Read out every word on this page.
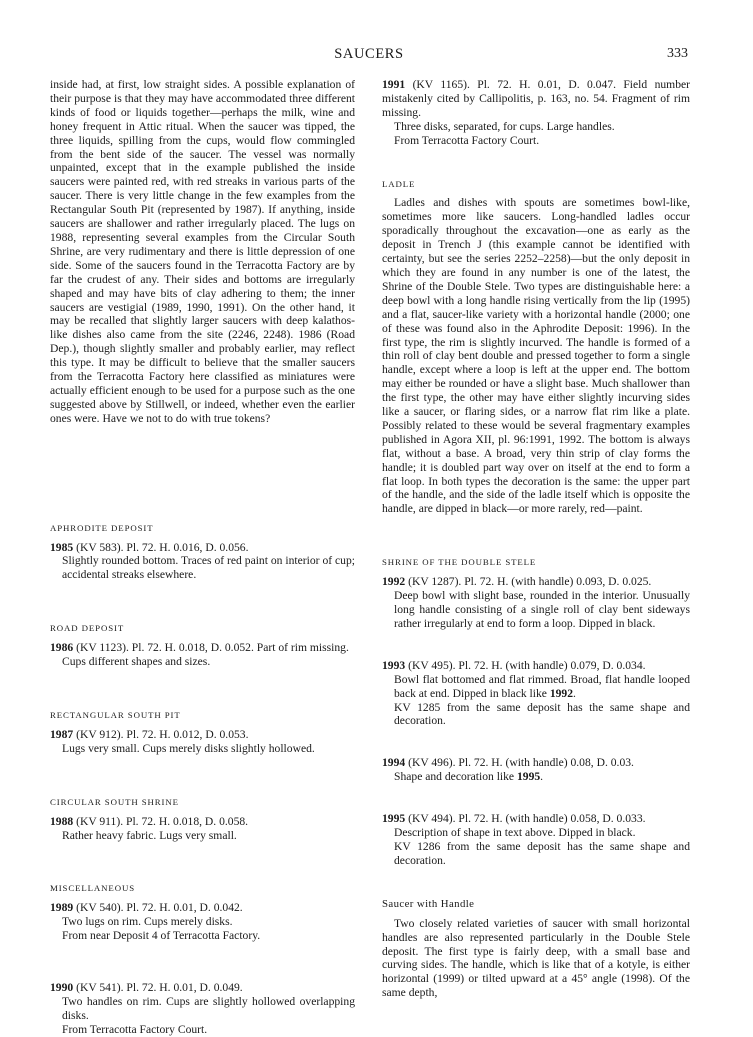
SAUCERS	333

inside had, at first, low straight sides. A possible explanation of their purpose is that they may have accommodated three different kinds of food or liquids together—perhaps the milk, wine and honey frequent in Attic ritual. When the saucer was tipped, the three liquids, spilling from the cups, would flow commingled from the bent side of the saucer. The vessel was normally unpainted, except that in the example published the inside saucers were painted red, with red streaks in various parts of the saucer. There is very little change in the few examples from the Rectangular South Pit (represented by 1987). If anything, inside saucers are shallower and rather irregularly placed. The lugs on 1988, representing several examples from the Circular South Shrine, are very rudimentary and there is little depression of one side. Some of the saucers found in the Terracotta Factory are by far the crudest of any. Their sides and bottoms are irregularly shaped and may have bits of clay adhering to them; the inner saucers are vestigial (1989, 1990, 1991). On the other hand, it may be recalled that slightly larger saucers with deep kalathos-like dishes also came from the site (2246, 2248). 1986 (Road Dep.), though slightly smaller and probably earlier, may reflect this type. It may be difficult to believe that the smaller saucers from the Terracotta Factory here classified as miniatures were actually efficient enough to be used for a purpose such as the one suggested above by Stillwell, or indeed, whether even the earlier ones were. Have we not to do with true tokens?

APHRODITE DEPOSIT

1985 (KV 583). Pl. 72. H. 0.016, D. 0.056.

Slightly rounded bottom. Traces of red paint on interior of cup; accidental streaks elsewhere.

ROAD DEPOSIT

1986 (KV 1123). Pl. 72. H. 0.018, D. 0.052. Part of rim missing.

Cups different shapes and sizes.

RECTANGULAR SOUTH PIT

1987 (KV 912). Pl. 72. H. 0.012, D. 0.053.

Lugs very small. Cups merely disks slightly hollowed.

CIRCULAR SOUTH SHRINE

1988 (KV 911). Pl. 72. H. 0.018, D. 0.058.

Rather heavy fabric. Lugs very small.

MISCELLANEOUS

1989 (KV 540). Pl. 72. H. 0.01, D. 0.042.

Two lugs on rim. Cups merely disks.

From near Deposit 4 of Terracotta Factory.

1990 (KV 541). Pl. 72. H. 0.01, D. 0.049.

Two handles on rim. Cups are slightly hollowed overlapping disks.

From Terracotta Factory Court.

1991 (KV 1165). Pl. 72. H. 0.01, D. 0.047. Field number mistakenly cited by Callipolitis, p. 163, no. 54. Fragment of rim missing.

Three disks, separated, for cups. Large handles.

From Terracotta Factory Court.

LADLE

Ladles and dishes with spouts are sometimes bowl-like, sometimes more like saucers. Long-handled ladles occur sporadically throughout the excavation—one as early as the deposit in Trench J (this example cannot be identified with certainty, but see the series 2252–2258)—but the only deposit in which they are found in any number is one of the latest, the Shrine of the Double Stele. Two types are distinguishable here: a deep bowl with a long handle rising vertically from the lip (1995) and a flat, saucer-like variety with a horizontal handle (2000; one of these was found also in the Aphrodite Deposit: 1996). In the first type, the rim is slightly incurved. The handle is formed of a thin roll of clay bent double and pressed together to form a single handle, except where a loop is left at the upper end. The bottom may either be rounded or have a slight base. Much shallower than the first type, the other may have either slightly incurving sides like a saucer, or flaring sides, or a narrow flat rim like a plate. Possibly related to these would be several fragmentary examples published in Agora XII, pl. 96:1991, 1992. The bottom is always flat, without a base. A broad, very thin strip of clay forms the handle; it is doubled part way over on itself at the end to form a flat loop. In both types the decoration is the same: the upper part of the handle, and the side of the ladle itself which is opposite the handle, are dipped in black—or more rarely, red—paint.

SHRINE OF THE DOUBLE STELE

1992 (KV 1287). Pl. 72. H. (with handle) 0.093, D. 0.025.

Deep bowl with slight base, rounded in the interior. Unusually long handle consisting of a single roll of clay bent sideways rather irregularly at end to form a loop. Dipped in black.

1993 (KV 495). Pl. 72. H. (with handle) 0.079, D. 0.034.

Bowl flat bottomed and flat rimmed. Broad, flat handle looped back at end. Dipped in black like 1992.

KV 1285 from the same deposit has the same shape and decoration.

1994 (KV 496). Pl. 72. H. (with handle) 0.08, D. 0.03.

Shape and decoration like 1995.

1995 (KV 494). Pl. 72. H. (with handle) 0.058, D. 0.033.

Description of shape in text above. Dipped in black.

KV 1286 from the same deposit has the same shape and decoration.

Saucer with Handle

Two closely related varieties of saucer with small horizontal handles are also represented particularly in the Double Stele deposit. The first type is fairly deep, with a small base and curving sides. The handle, which is like that of a kotyle, is either horizontal (1999) or tilted upward at a 45° angle (1998). Of the same depth,
